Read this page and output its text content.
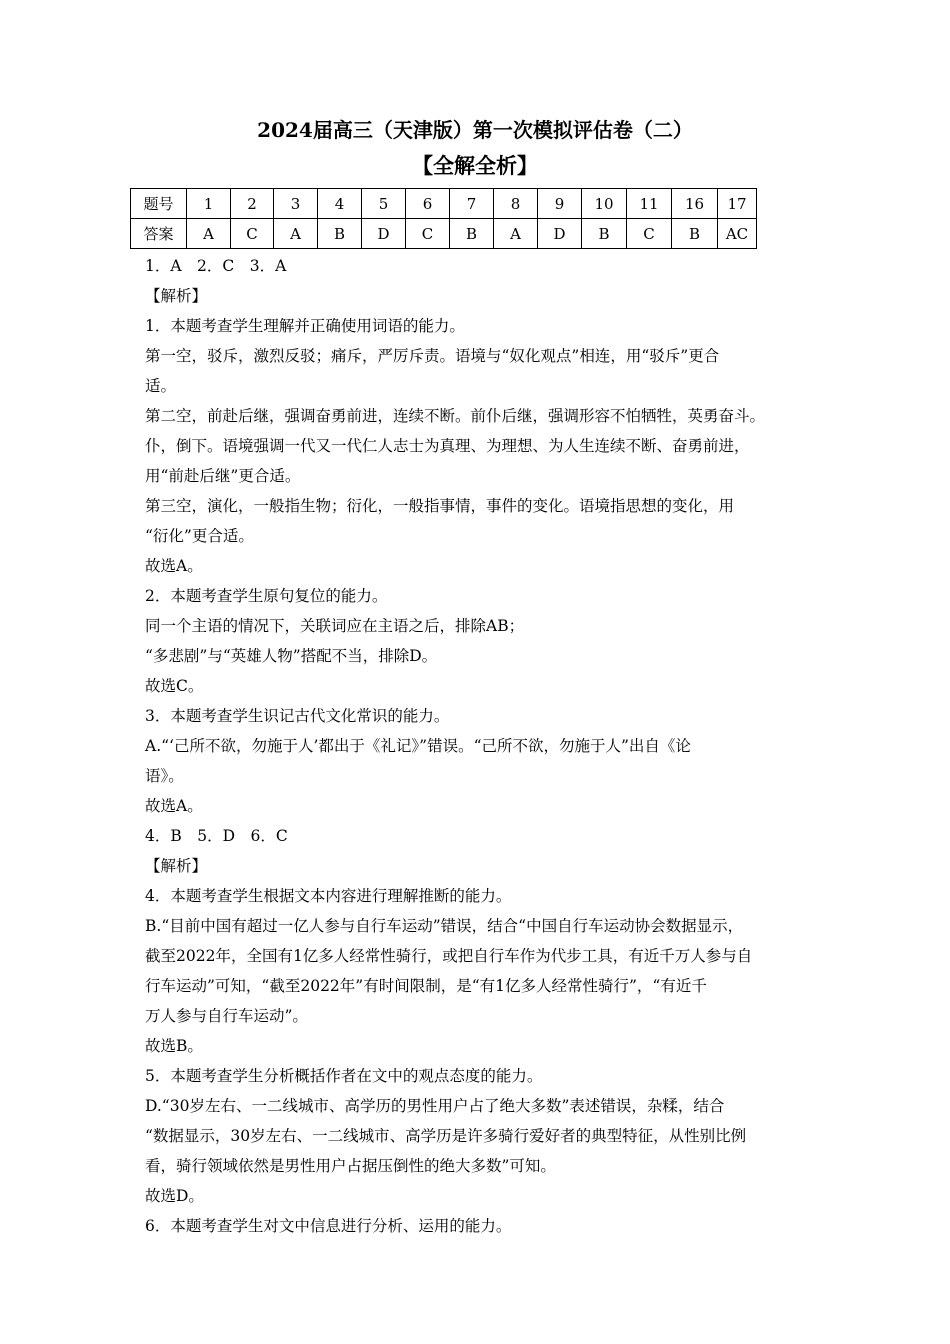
2024届高三（天津版）第一次模拟评估卷（二）
【全解全析】
题号	1	2	3	4	5	6	7	8	9	10	11	16	17
答案	A	C	A	B	D	C	B	A	D	B	C	B	AC
1．A　2．C　3．A
【解析】
1．本题考查学生理解并正确使用词语的能力。
第一空，驳斥，激烈反驳；痛斥，严厉斥责。语境与“奴化观点”相连，用“驳斥”更合
适。
第二空，前赴后继，强调奋勇前进，连续不断。前仆后继，强调形容不怕牺牲，英勇奋斗。
仆，倒下。语境强调一代又一代仁人志士为真理、为理想、为人生连续不断、奋勇前进，
用“前赴后继”更合适。
第三空，演化，一般指生物；衍化，一般指事情，事件的变化。语境指思想的变化，用
“衍化”更合适。
故选A。
2．本题考查学生原句复位的能力。
同一个主语的情况下，关联词应在主语之后，排除AB；
“多悲剧”与“英雄人物”搭配不当，排除D。
故选C。
3．本题考查学生识记古代文化常识的能力。
A.“‘己所不欲，勿施于人’都出于《礼记》”错误。“己所不欲，勿施于人”出自《论
语》。
故选A。
4．B　5．D　6．C
【解析】
4．本题考查学生根据文本内容进行理解推断的能力。
B.“目前中国有超过一亿人参与自行车运动”错误，结合“中国自行车运动协会数据显示，
截至2022年，全国有1亿多人经常性骑行，或把自行车作为代步工具，有近千万人参与自
行车运动”可知，“截至2022年”有时间限制，是“有1亿多人经常性骑行”，“有近千
万人参与自行车运动”。
故选B。
5．本题考查学生分析概括作者在文中的观点态度的能力。
D.“30岁左右、一二线城市、高学历的男性用户占了绝大多数”表述错误，杂糅，结合
“数据显示，30岁左右、一二线城市、高学历是许多骑行爱好者的典型特征，从性别比例
看，骑行领域依然是男性用户占据压倒性的绝大多数”可知。
故选D。
6．本题考查学生对文中信息进行分析、运用的能力。
